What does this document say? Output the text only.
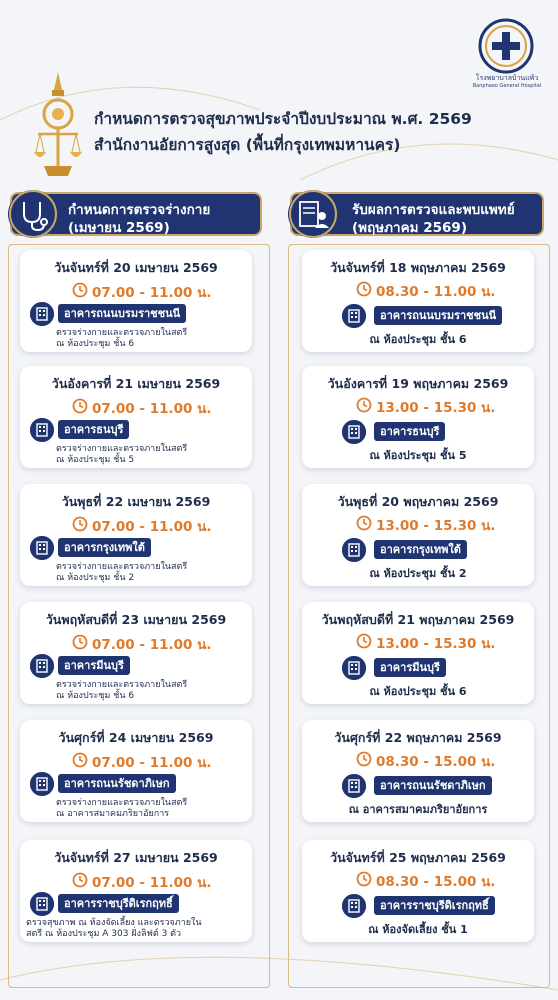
โรงพยาบาลบ้านแพ้ว
Banphaeo General Hospital
กำหนดการตรวจสุขภาพประจำปีงบประมาณ พ.ศ. 2569
สำนักงานอัยการสูงสุด (พื้นที่กรุงเทพมหานคร)
กำหนดการตรวจร่างกาย
(เมษายน 2569)
รับผลการตรวจและพบแพทย์
(พฤษภาคม 2569)
วันจันทร์ที่ 20 เมษายน 2569
07.00 - 11.00 น.
อาคารถนนบรมราชชนนี
ตรวจร่างกายและตรวจภายในสตรี
ณ ห้องประชุม ชั้น 6
วันอังคารที่ 21 เมษายน 2569
07.00 - 11.00 น.
อาคารธนบุรี
ตรวจร่างกายและตรวจภายในสตรี
ณ ห้องประชุม ชั้น 5
วันพุธที่ 22 เมษายน 2569
07.00 - 11.00 น.
อาคารกรุงเทพใต้
ตรวจร่างกายและตรวจภายในสตรี
ณ ห้องประชุม ชั้น 2
วันพฤหัสบดีที่ 23 เมษายน 2569
07.00 - 11.00 น.
อาคารมีนบุรี
ตรวจร่างกายและตรวจภายในสตรี
ณ ห้องประชุม ชั้น 6
วันศุกร์ที่ 24 เมษายน 2569
07.00 - 11.00 น.
อาคารถนนรัชดาภิเษก
ตรวจร่างกายและตรวจภายในสตรี
ณ อาคารสมาคมภริยาอัยการ
วันจันทร์ที่ 27 เมษายน 2569
07.00 - 11.00 น.
อาคารราชบุรีดิเรกฤทธิ์
ตรวจสุขภาพ ณ ห้องจัดเลี้ยง และตรวจภายใน
สตรี ณ ห้องประชุม A 303 ฝั่งลิฟต์ 3 ตัว
วันจันทร์ที่ 18 พฤษภาคม 2569
08.30 - 11.00 น.
อาคารถนนบรมราชชนนี
ณ ห้องประชุม ชั้น 6
วันอังคารที่ 19 พฤษภาคม 2569
13.00 - 15.30 น.
อาคารธนบุรี
ณ ห้องประชุม ชั้น 5
วันพุธที่ 20 พฤษภาคม 2569
13.00 - 15.30 น.
อาคารกรุงเทพใต้
ณ ห้องประชุม ชั้น 2
วันพฤหัสบดีที่ 21 พฤษภาคม 2569
13.00 - 15.30 น.
อาคารมีนบุรี
ณ ห้องประชุม ชั้น 6
วันศุกร์ที่ 22 พฤษภาคม 2569
08.30 - 15.00 น.
อาคารถนนรัชดาภิเษก
ณ อาคารสมาคมภริยาอัยการ
วันจันทร์ที่ 25 พฤษภาคม 2569
08.30 - 15.00 น.
อาคารราชบุรีดิเรกฤทธิ์
ณ ห้องจัดเลี้ยง ชั้น 1
